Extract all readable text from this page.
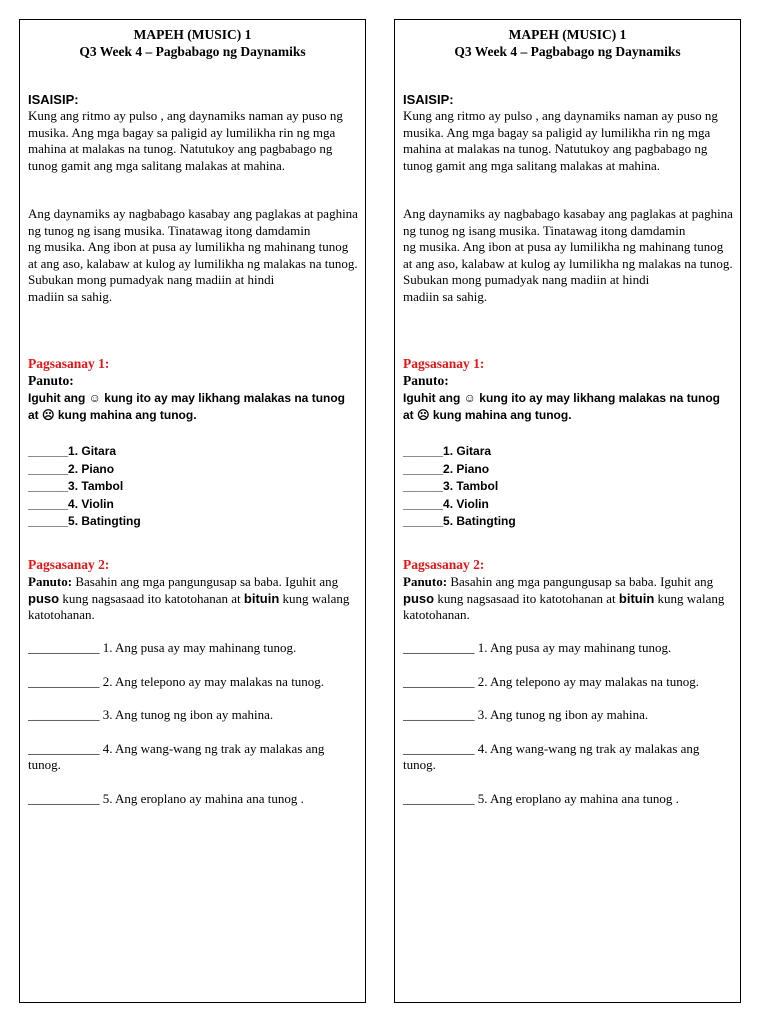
MAPEH (MUSIC) 1
Q3 Week 4 – Pagbabago ng Daynamiks
ISAISIP:
Kung ang ritmo ay pulso , ang daynamiks naman ay puso ng musika. Ang mga bagay sa paligid ay lumilikha rin ng mga mahina at malakas na tunog. Natutukoy ang pagbabago ng tunog gamit ang mga salitang malakas at mahina.
Ang daynamiks ay nagbabago kasabay ang paglakas at paghina ng tunog ng isang musika. Tinatawag itong damdamin
ng musika. Ang ibon at pusa ay lumilikha ng mahinang tunog at ang aso, kalabaw at kulog ay lumilikha ng malakas na tunog. Subukan mong pumadyak nang madiin at hindi
madiin sa sahig.
Pagsasanay 1:
Panuto:
Iguhit ang ☺ kung ito ay may likhang malakas na tunog
at ☹ kung mahina ang tunog.
______1. Gitara
______2. Piano
______3. Tambol
______4. Violin
______5. Batingting
Pagsasanay 2:
Panuto: Basahin ang mga pangungusap sa baba. Iguhit ang puso kung nagsasaad ito katotohanan at bituin kung walang katotohanan.
___________ 1. Ang pusa ay may mahinang tunog.
___________ 2. Ang telepono ay may malakas na tunog.
___________ 3. Ang tunog ng ibon ay mahina.
___________ 4. Ang wang-wang ng trak ay malakas ang tunog.
___________ 5. Ang eroplano ay mahina ana tunog .
MAPEH (MUSIC) 1
Q3 Week 4 – Pagbabago ng Daynamiks
ISAISIP:
Kung ang ritmo ay pulso , ang daynamiks naman ay puso ng musika. Ang mga bagay sa paligid ay lumilikha rin ng mga mahina at malakas na tunog. Natutukoy ang pagbabago ng tunog gamit ang mga salitang malakas at mahina.
Ang daynamiks ay nagbabago kasabay ang paglakas at paghina ng tunog ng isang musika. Tinatawag itong damdamin
ng musika. Ang ibon at pusa ay lumilikha ng mahinang tunog at ang aso, kalabaw at kulog ay lumilikha ng malakas na tunog. Subukan mong pumadyak nang madiin at hindi
madiin sa sahig.
Pagsasanay 1:
Panuto:
Iguhit ang ☺ kung ito ay may likhang malakas na tunog
at ☹ kung mahina ang tunog.
______1. Gitara
______2. Piano
______3. Tambol
______4. Violin
______5. Batingting
Pagsasanay 2:
Panuto: Basahin ang mga pangungusap sa baba. Iguhit ang puso kung nagsasaad ito katotohanan at bituin kung walang katotohanan.
___________ 1. Ang pusa ay may mahinang tunog.
___________ 2. Ang telepono ay may malakas na tunog.
___________ 3. Ang tunog ng ibon ay mahina.
___________ 4. Ang wang-wang ng trak ay malakas ang tunog.
___________ 5. Ang eroplano ay mahina ana tunog .
